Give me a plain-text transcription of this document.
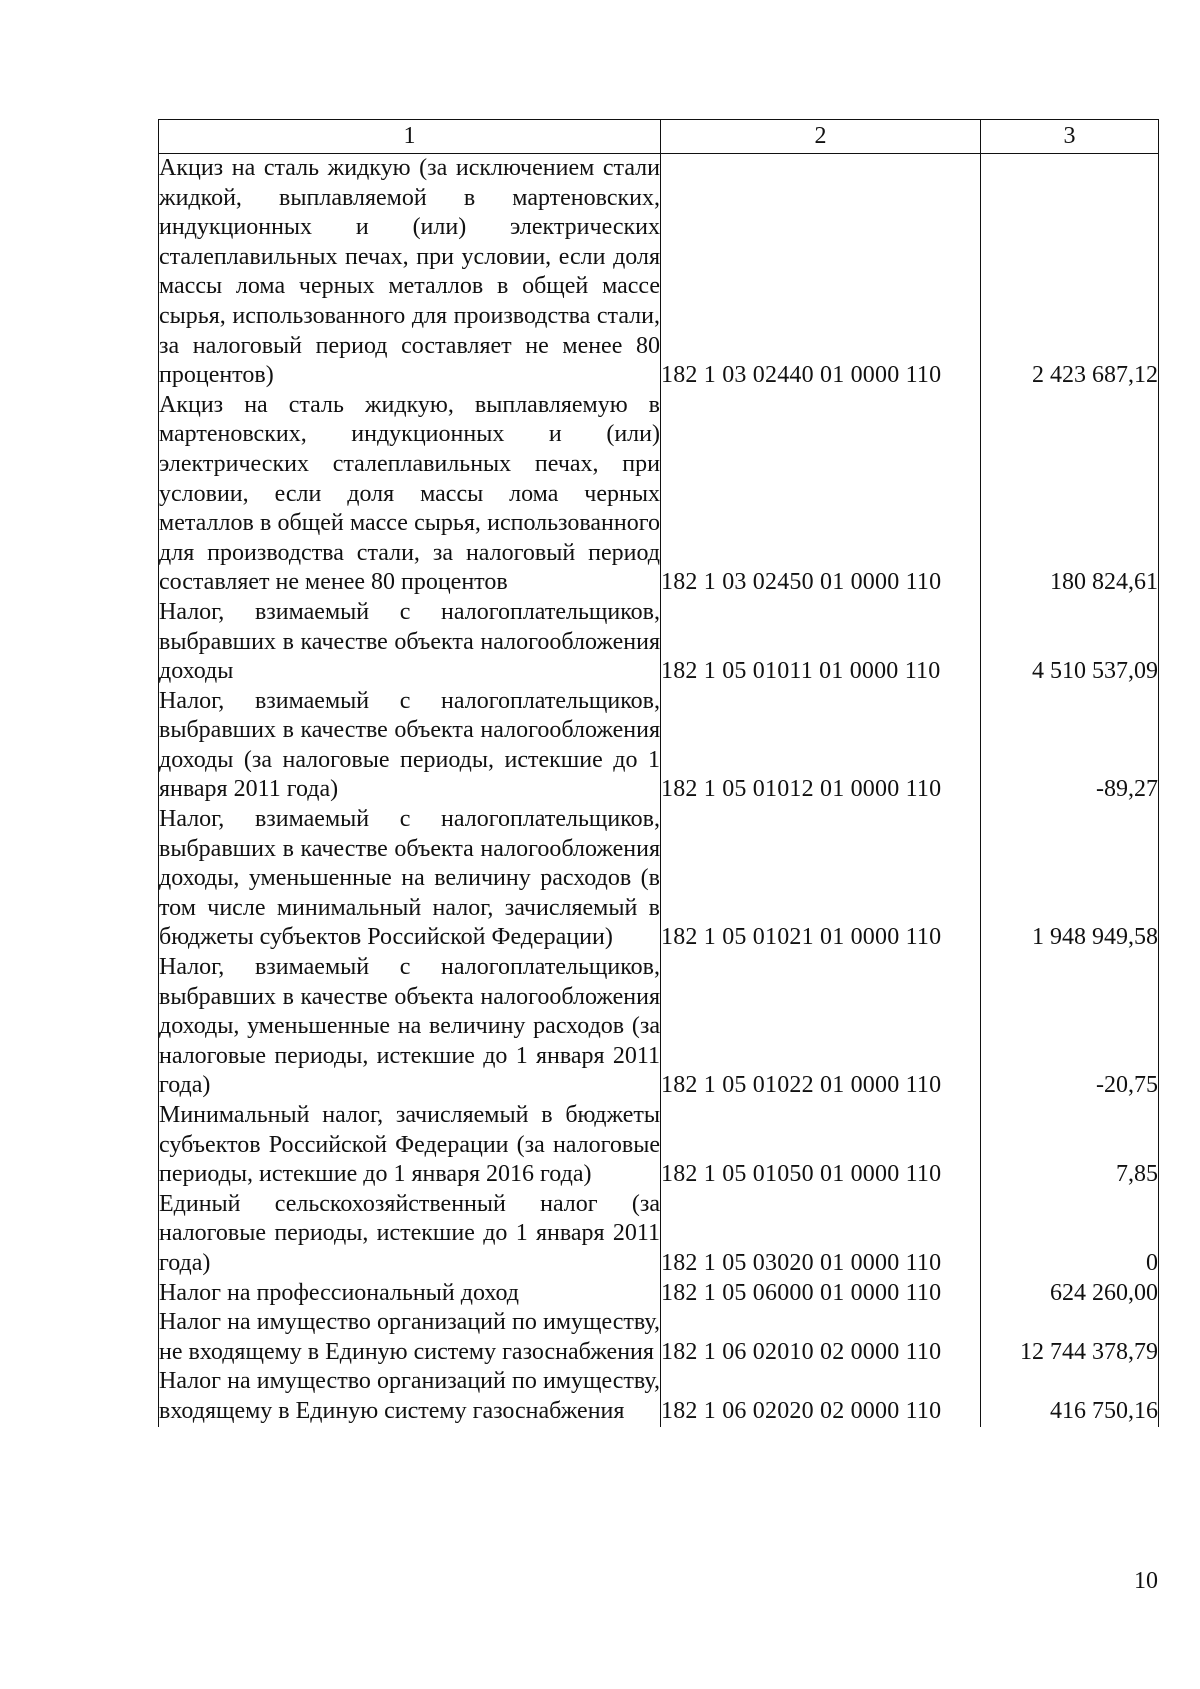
1	2	3
Акциз на сталь жидкую (за исключением стали жидкой, выплавляемой в мартеновских, индукционных и (или) электрических сталеплавильных печах, при условии, если доля массы лома черных металлов в общей массе сырья, использованного для производства стали, за налоговый период составляет не менее 80 процентов)	182 1 03 02440 01 0000 110	2 423 687,12
Акциз на сталь жидкую, выплавляемую в мартеновских, индукционных и (или) электрических сталеплавильных печах, при условии, если доля массы лома черных металлов в общей массе сырья, использованного для производства стали, за налоговый период составляет не менее 80 процентов	182 1 03 02450 01 0000 110	180 824,61
Налог, взимаемый с налогоплательщиков, выбравших в качестве объекта налогообложения доходы	182 1 05 01011 01 0000 110	4 510 537,09
Налог, взимаемый с налогоплательщиков, выбравших в качестве объекта налогообложения доходы (за налоговые периоды, истекшие до 1 января 2011 года)	182 1 05 01012 01 0000 110	-89,27
Налог, взимаемый с налогоплательщиков, выбравших в качестве объекта налогообложения доходы, уменьшенные на величину расходов (в том числе минимальный налог, зачисляемый в бюджеты субъектов Российской Федерации)	182 1 05 01021 01 0000 110	1 948 949,58
Налог, взимаемый с налогоплательщиков, выбравших в качестве объекта налогообложения доходы, уменьшенные на величину расходов (за налоговые периоды, истекшие до 1 января 2011 года)	182 1 05 01022 01 0000 110	-20,75
Минимальный налог, зачисляемый в бюджеты субъектов Российской Федерации (за налоговые периоды, истекшие до 1 января 2016 года)	182 1 05 01050 01 0000 110	7,85
Единый сельскохозяйственный налог (за налоговые периоды, истекшие до 1 января 2011 года)	182 1 05 03020 01 0000 110	0
Налог на профессиональный доход	182 1 05 06000 01 0000 110	624 260,00
Налог на имущество организаций по имуществу, не входящему в Единую систему газоснабжения	182 1 06 02010 02 0000 110	12 744 378,79
Налог на имущество организаций по имуществу, входящему в Единую систему газоснабжения	182 1 06 02020 02 0000 110	416 750,16
10
